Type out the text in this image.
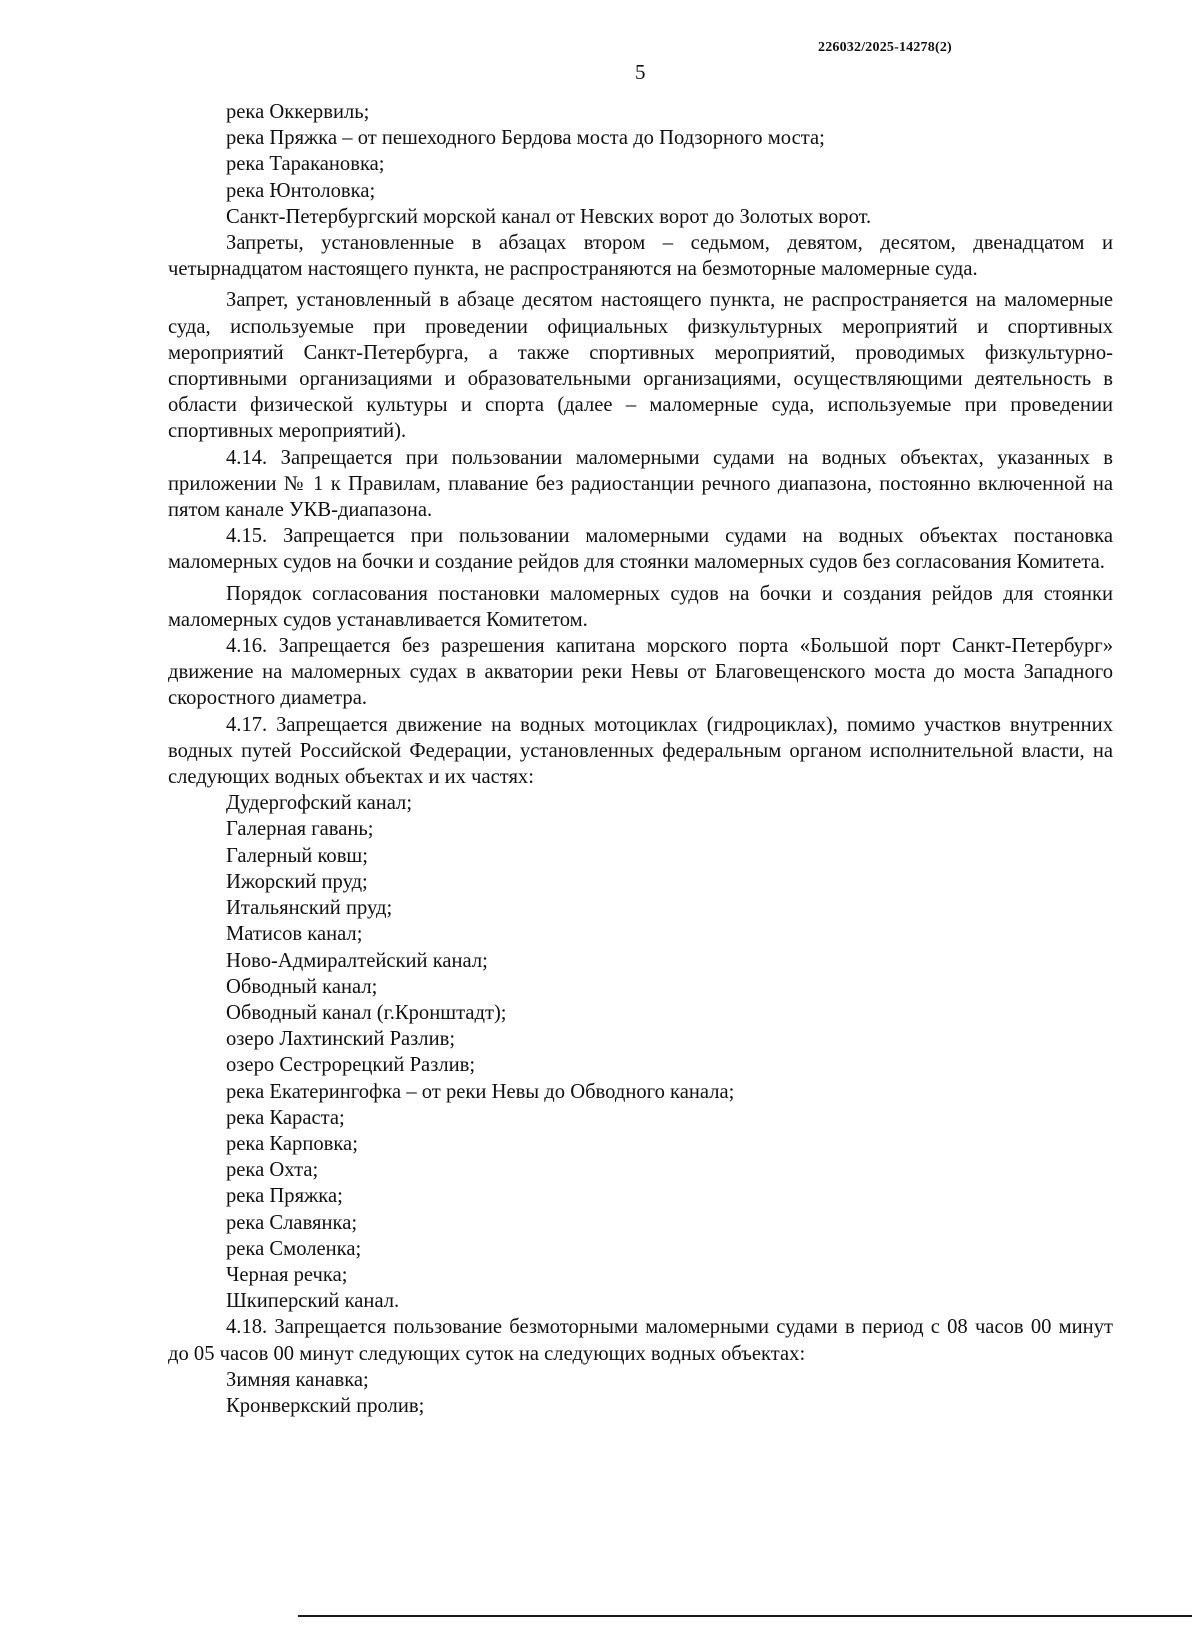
226032/2025-14278(2)
5
река Оккервиль;
река Пряжка – от пешеходного Бердова моста до Подзорного моста;
река Таракановка;
река Юнтоловка;
Санкт-Петербургский морской канал от Невских ворот до Золотых ворот.
Запреты, установленные в абзацах втором – седьмом, девятом, десятом, двенадцатом и четырнадцатом настоящего пункта, не распространяются на безмоторные маломерные суда.
Запрет, установленный в абзаце десятом настоящего пункта, не распространяется на маломерные суда, используемые при проведении официальных физкультурных мероприятий и спортивных мероприятий Санкт-Петербурга, а также спортивных мероприятий, проводимых физкультурно-спортивными организациями и образовательными организациями, осуществляющими деятельность в области физической культуры и спорта (далее – маломерные суда, используемые при проведении спортивных мероприятий).
4.14. Запрещается при пользовании маломерными судами на водных объектах, указанных в приложении № 1 к Правилам, плавание без радиостанции речного диапазона, постоянно включенной на пятом канале УКВ-диапазона.
4.15. Запрещается при пользовании маломерными судами на водных объектах постановка маломерных судов на бочки и создание рейдов для стоянки маломерных судов без согласования Комитета.
Порядок согласования постановки маломерных судов на бочки и создания рейдов для стоянки маломерных судов устанавливается Комитетом.
4.16. Запрещается без разрешения капитана морского порта «Большой порт Санкт-Петербург» движение на маломерных судах в акватории реки Невы от Благовещенского моста до моста Западного скоростного диаметра.
4.17. Запрещается движение на водных мотоциклах (гидроциклах), помимо участков внутренних водных путей Российской Федерации, установленных федеральным органом исполнительной власти, на следующих водных объектах и их частях:
Дудергофский канал;
Галерная гавань;
Галерный ковш;
Ижорский пруд;
Итальянский пруд;
Матисов канал;
Ново-Адмиралтейский канал;
Обводный канал;
Обводный канал (г.Кронштадт);
озеро Лахтинский Разлив;
озеро Сестрорецкий Разлив;
река Екатерингофка – от реки Невы до Обводного канала;
река Караста;
река Карповка;
река Охта;
река Пряжка;
река Славянка;
река Смоленка;
Черная речка;
Шкиперский канал.
4.18. Запрещается пользование безмоторными маломерными судами в период с 08 часов 00 минут до 05 часов 00 минут следующих суток на следующих водных объектах:
Зимняя канавка;
Кронверкский пролив;
